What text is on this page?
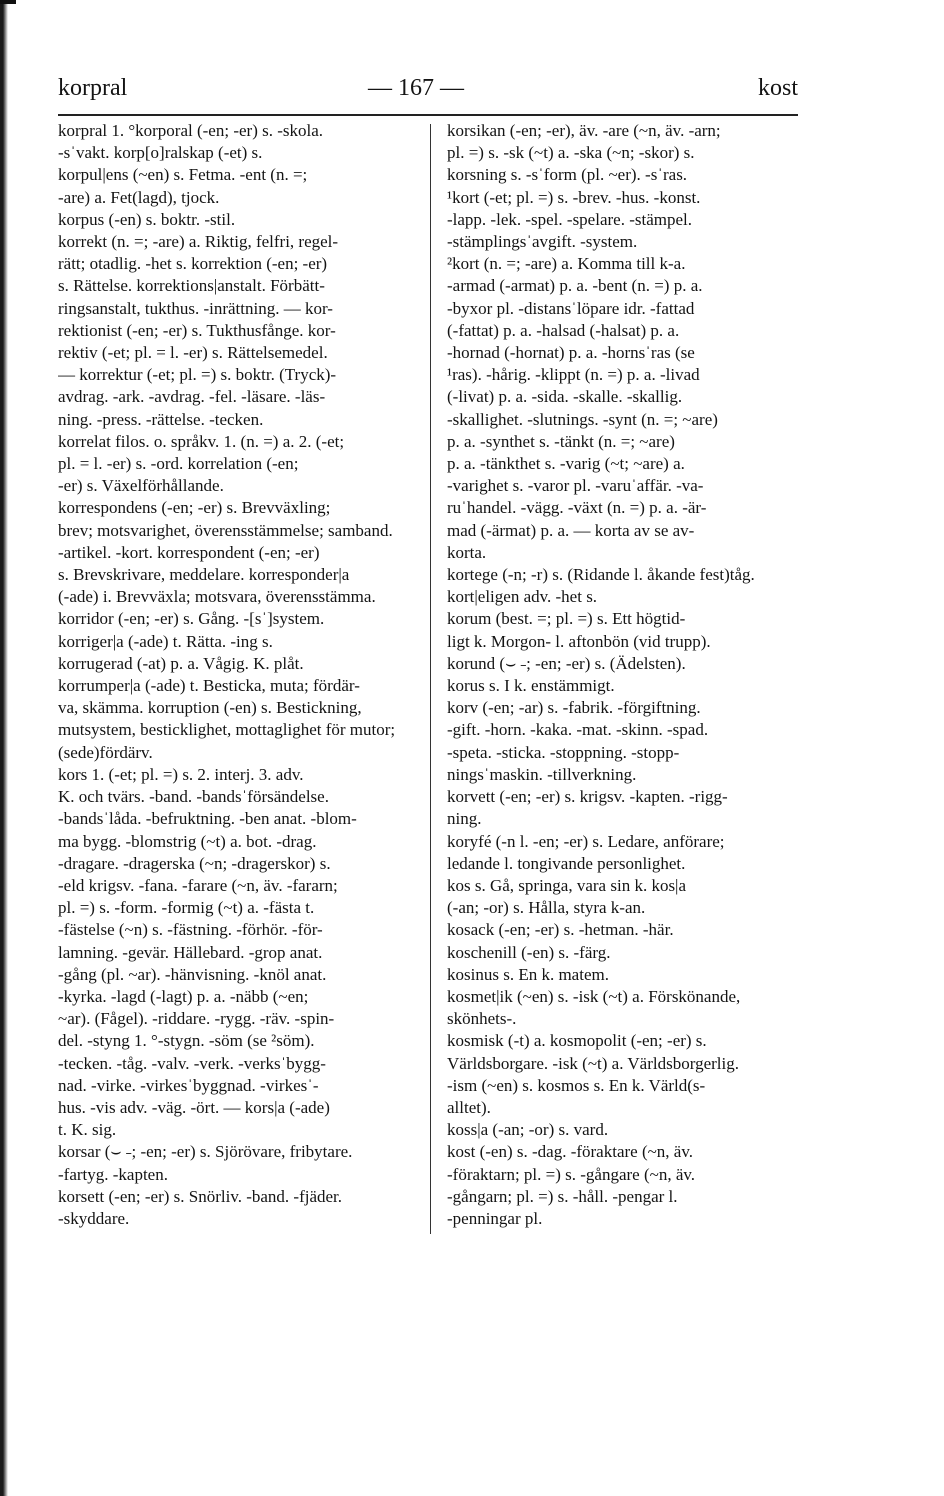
korpral	— 167 —	kost

korpral 1. °korporal (-en; -er) s. -skola.
-sˈvakt. korp[o]ralskap (-et) s.

korpul|ens (~en) s. Fetma. -ent (n. =;
-are) a. Fet(lagd), tjock.

korpus (-en) s. boktr. -stil.

korrekt (n. =; -are) a. Riktig, felfri, regel-
rätt; otadlig. -het s. korrektion (-en; -er)
s. Rättelse. korrektions|anstalt. Förbätt-
ringsanstalt, tukthus. -inrättning. — kor-
rektionist (-en; -er) s. Tukthusfånge. kor-
rektiv (-et; pl. = l. -er) s. Rättelsemedel.
— korrektur (-et; pl. =) s. boktr. (Tryck)-
avdrag. -ark. -avdrag. -fel. -läsare. -läs-
ning. -press. -rättelse. -tecken.

korrelat filos. o. språkv. 1. (n. =) a. 2. (-et;
pl. = l. -er) s. -ord. korrelation (-en;
-er) s. Växelförhållande.

korrespondens (-en; -er) s. Brevväxling;
brev; motsvarighet, överensstämmelse; samband.
-artikel. -kort. korrespondent (-en; -er)
s. Brevskrivare, meddelare. korresponder|a
(-ade) i. Brevväxla; motsvara, överensstämma.

korridor (-en; -er) s. Gång. -[sˈ]system.

korriger|a (-ade) t. Rätta. -ing s.

korrugerad (-at) p. a. Vågig. K. plåt.

korrumper|a (-ade) t. Besticka, muta; fördär-
va, skämma. korruption (-en) s. Bestickning,
mutsystem, besticklighet, mottaglighet för mutor;
(sede)fördärv.

kors 1. (-et; pl. =) s. 2. interj. 3. adv.
K. och tvärs. -band. -bandsˈförsändelse.
-bandsˈlåda. -befruktning. -ben anat. -blom-
ma bygg. -blomstrig (~t) a. bot. -drag.
-dragare. -dragerska (~n; -dragerskor) s.
-eld krigsv. -fana. -farare (~n, äv. -fararn;
pl. =) s. -form. -formig (~t) a. -fästa t.
-fästelse (~n) s. -fästning. -förhör. -för-
lamning. -gevär. Hällebard. -grop anat.
-gång (pl. ~ar). -hänvisning. -knöl anat.
-kyrka. -lagd (-lagt) p. a. -näbb (~en;
~ar). (Fågel). -riddare. -rygg. -räv. -spin-
del. -styng 1. °-stygn. -söm (se ²söm).
-tecken. -tåg. -valv. -verk. -verksˈbygg-
nad. -virke. -virkesˈbyggnad. -virkesˈ-
hus. -vis adv. -väg. -ört. — kors|a (-ade)
t. K. sig.

korsar (⌣ ˗; -en; -er) s. Sjörövare, fribytare.
-fartyg. -kapten.

korsett (-en; -er) s. Snörliv. -band. -fjäder.
-skyddare.

korsikan (-en; -er), äv. -are (~n, äv. -arn;
pl. =) s. -sk (~t) a. -ska (~n; -skor) s.

korsning s. -sˈform (pl. ~er). -sˈras.

¹kort (-et; pl. =) s. -brev. -hus. -konst.
-lapp. -lek. -spel. -spelare. -stämpel.
-stämplingsˈavgift. -system.

²kort (n. =; -are) a. Komma till k-a.
-armad (-armat) p. a. -bent (n. =) p. a.
-byxor pl. -distansˈlöpare idr. -fattad
(-fattat) p. a. -halsad (-halsat) p. a.
-hornad (-hornat) p. a. -hornsˈras (se
¹ras). -hårig. -klippt (n. =) p. a. -livad
(-livat) p. a. -sida. -skalle. -skallig.
-skallighet. -slutnings. -synt (n. =; ~are)
p. a. -synthet s. -tänkt (n. =; ~are)
p. a. -tänkthet s. -varig (~t; ~are) a.
-varighet s. -varor pl. -varuˈaffär. -va-
ruˈhandel. -vägg. -växt (n. =) p. a. -är-
mad (-ärmat) p. a. — korta av se av-
korta.

kortege (-n; -r) s. (Ridande l. åkande fest)tåg.

kort|eligen adv. -het s.

korum (best. =; pl. =) s. Ett högtid-
ligt k. Morgon- l. aftonbön (vid trupp).

korund (⌣ ˗; -en; -er) s. (Ädelsten).

korus s. I k. enstämmigt.

korv (-en; -ar) s. -fabrik. -förgiftning.
-gift. -horn. -kaka. -mat. -skinn. -spad.
-speta. -sticka. -stoppning. -stopp-
ningsˈmaskin. -tillverkning.

korvett (-en; -er) s. krigsv. -kapten. -rigg-
ning.

koryfé (-n l. -en; -er) s. Ledare, anförare;
ledande l. tongivande personlighet.

kos s. Gå, springa, vara sin k. kos|a
(-an; -or) s. Hålla, styra k-an.

kosack (-en; -er) s. -hetman. -här.

koschenill (-en) s. -färg.

kosinus s. En k. matem.

kosmet|ik (~en) s. -isk (~t) a. Förskönande,
skönhets-.

kosmisk (-t) a. kosmopolit (-en; -er) s.
Världsborgare. -isk (~t) a. Världsborgerlig.
-ism (~en) s. kosmos s. En k. Värld(s-
alltet).

koss|a (-an; -or) s. vard.

kost (-en) s. -dag. -föraktare (~n, äv.
-föraktarn; pl. =) s. -gångare (~n, äv.
-gångarn; pl. =) s. -håll. -pengar l.
-penningar pl.
